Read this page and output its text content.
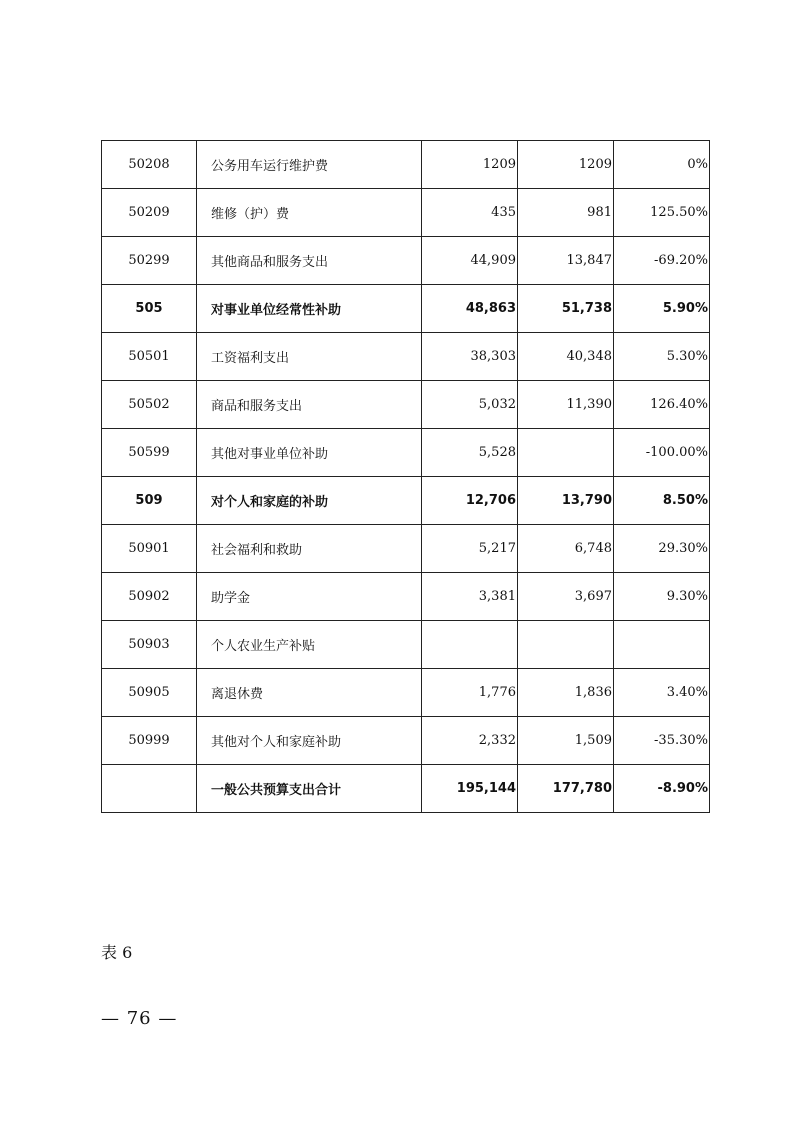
50208	公务用车运行维护费	1209	1209	0%
50209	维修（护）费	435	981	125.50%
50299	其他商品和服务支出	44,909	13,847	-69.20%
505	对事业单位经常性补助	48,863	51,738	5.90%
50501	工资福利支出	38,303	40,348	5.30%
50502	商品和服务支出	5,032	11,390	126.40%
50599	其他对事业单位补助	5,528		-100.00%
509	对个人和家庭的补助	12,706	13,790	8.50%
50901	社会福利和救助	5,217	6,748	29.30%
50902	助学金	3,381	3,697	9.30%
50903	个人农业生产补贴			
50905	离退休费	1,776	1,836	3.40%
50999	其他对个人和家庭补助	2,332	1,509	-35.30%
	一般公共预算支出合计	195,144	177,780	-8.90%
表 6
— 76 —
